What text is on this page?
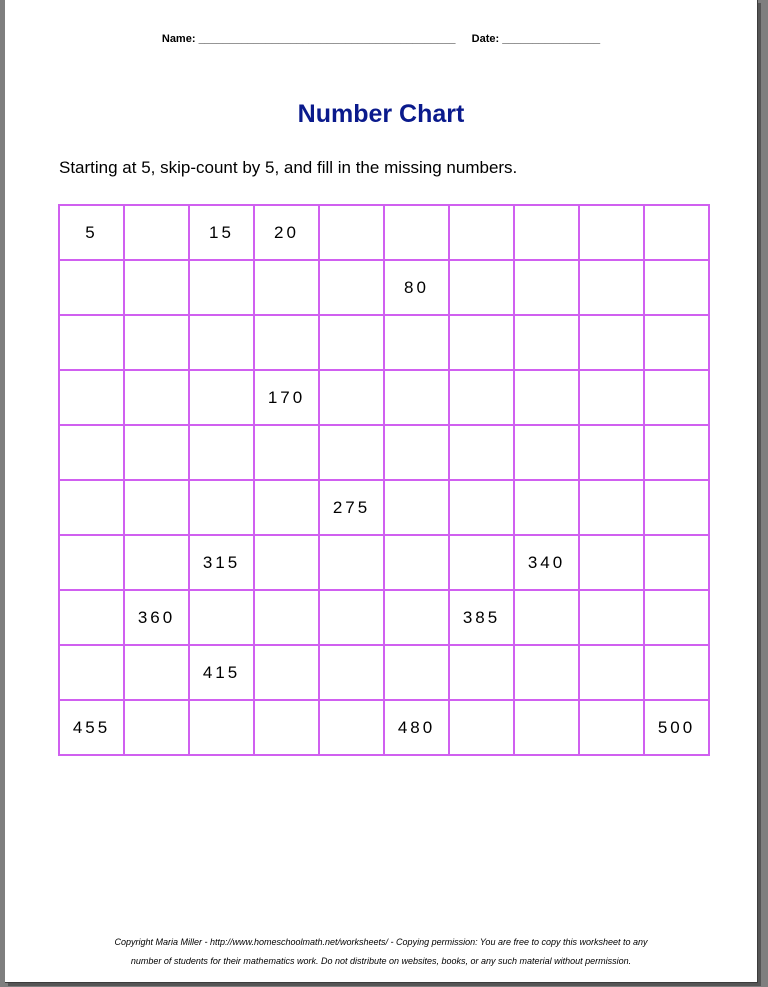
Name: __________________________________________ Date: ________________
Number Chart
Starting at 5, skip-count by 5, and fill in the missing numbers.
5		15	20						
					80				

			170						

				275					
		315					340		
	360					385			
		415							
455					480				500
Copyright Maria Miller - http://www.homeschoolmath.net/worksheets/ - Copying permission: You are free to copy this worksheet to any
number of students for their mathematics work. Do not distribute on websites, books, or any such material without permission.
